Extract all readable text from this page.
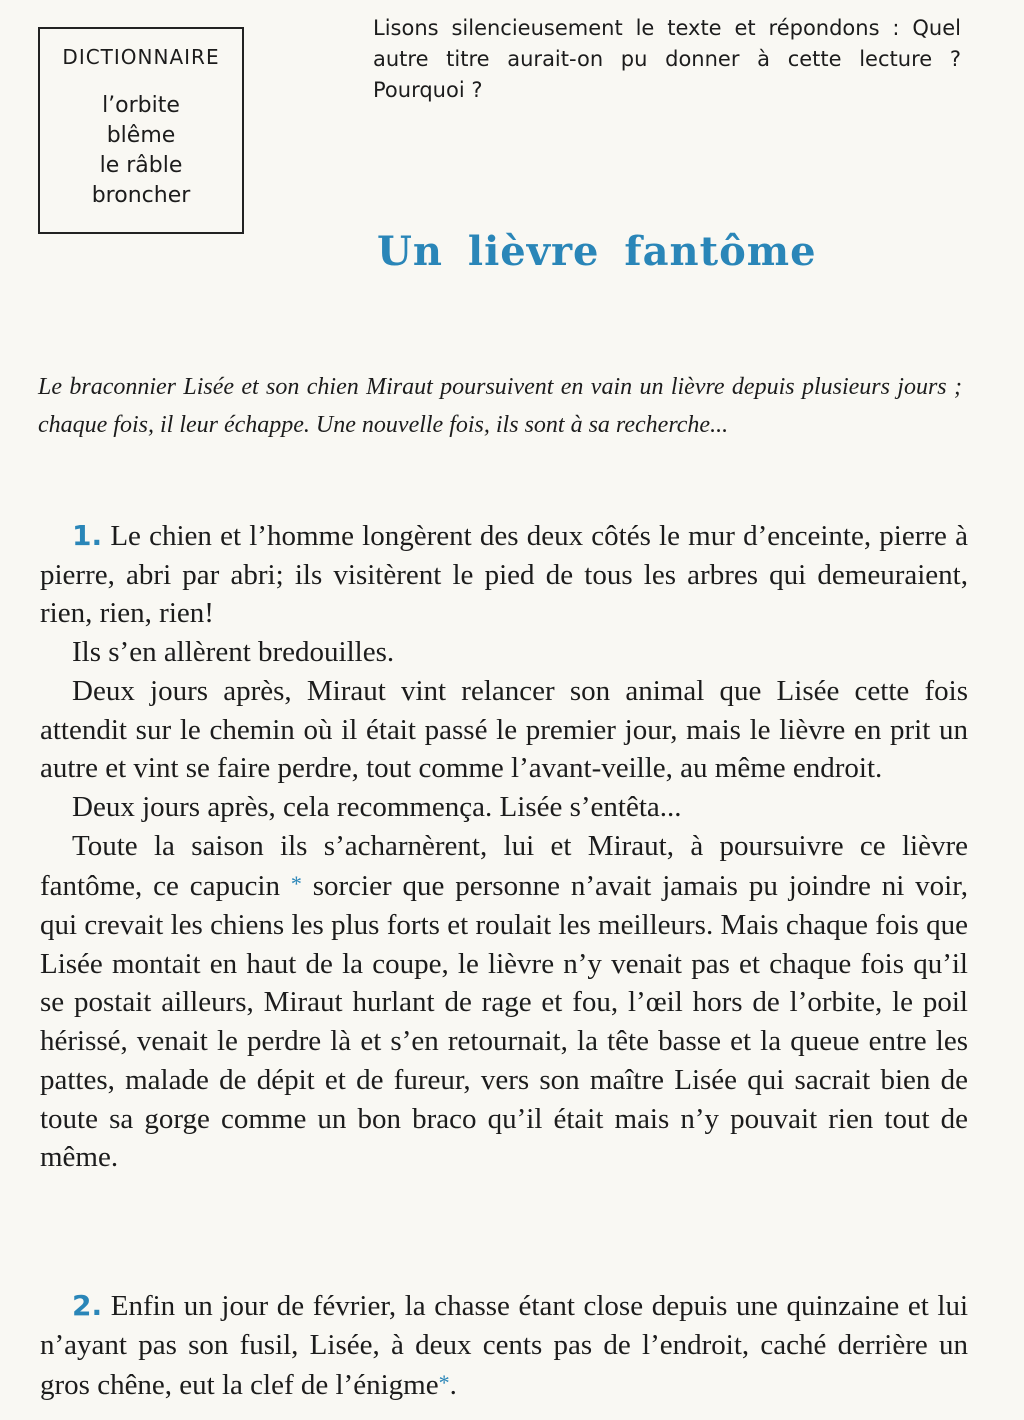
DICTIONNAIRE
l’orbite
blême
le râble
broncher
Lisons silencieusement le texte et répondons : Quel autre titre aurait-on pu donner à cette lecture ? Pourquoi ?
Un lièvre fantôme
Le braconnier Lisée et son chien Miraut poursuivent en vain un lièvre depuis plusieurs jours ; chaque fois, il leur échappe. Une nouvelle fois, ils sont à sa recherche...

1. Le chien et l’homme longèrent des deux côtés le mur d’enceinte, pierre à pierre, abri par abri; ils visitèrent le pied de tous les arbres qui demeuraient, rien, rien, rien!

Ils s’en allèrent bredouilles.

Deux jours après, Miraut vint relancer son animal que Lisée cette fois attendit sur le chemin où il était passé le premier jour, mais le lièvre en prit un autre et vint se faire perdre, tout comme l’avant-veille, au même endroit.

Deux jours après, cela recommença. Lisée s’entêta...

Toute la saison ils s’acharnèrent, lui et Miraut, à poursuivre ce lièvre fantôme, ce capucin * sorcier que personne n’avait jamais pu joindre ni voir, qui crevait les chiens les plus forts et roulait les meilleurs. Mais chaque fois que Lisée montait en haut de la coupe, le lièvre n’y venait pas et chaque fois qu’il se postait ailleurs, Miraut hurlant de rage et fou, l’œil hors de l’orbite, le poil hérissé, venait le perdre là et s’en retournait, la tête basse et la queue entre les pattes, malade de dépit et de fureur, vers son maître Lisée qui sacrait bien de toute sa gorge comme un bon braco qu’il était mais n’y pouvait rien tout de même.

2. Enfin un jour de février, la chasse étant close depuis une quinzaine et lui n’ayant pas son fusil, Lisée, à deux cents pas de l’endroit, caché derrière un gros chêne, eut la clef de l’énigme*.
